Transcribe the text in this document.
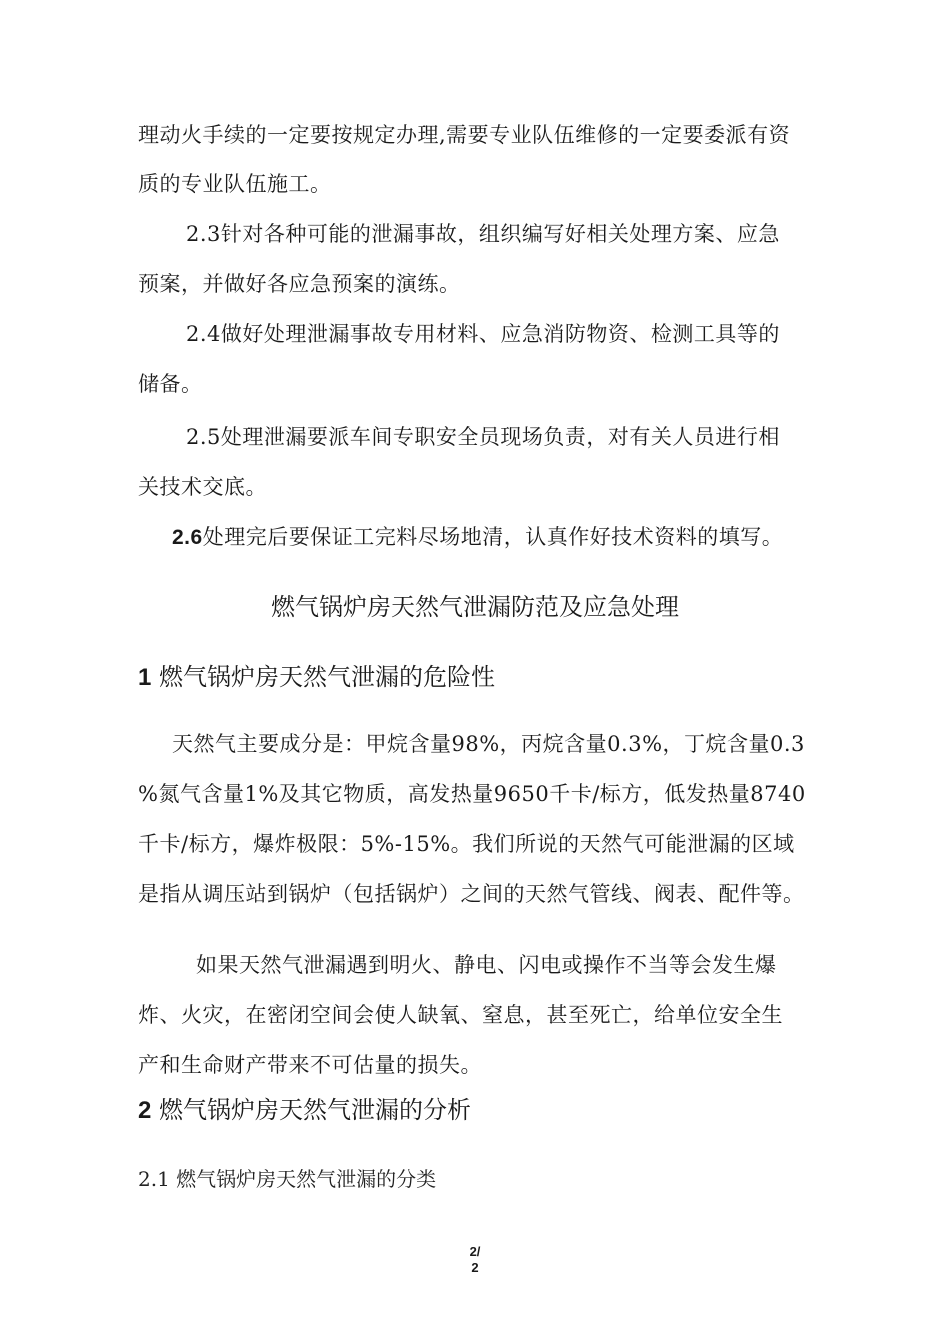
理动火手续的一定要按规定办理,需要专业队伍维修的一定要委派有资
质的专业队伍施工。
2.3针对各种可能的泄漏事故，组织编写好相关处理方案、应急
预案，并做好各应急预案的演练。
2.4做好处理泄漏事故专用材料、应急消防物资、检测工具等的
储备。
2.5处理泄漏要派车间专职安全员现场负责，对有关人员进行相
关技术交底。
2.6处理完后要保证工完料尽场地清，认真作好技术资料的填写。
燃气锅炉房天然气泄漏防范及应急处理
1 燃气锅炉房天然气泄漏的危险性
天然气主要成分是：甲烷含量98%，丙烷含量0.3%，丁烷含量0.3
%氮气含量1%及其它物质，高发热量9650千卡/标方，低发热量8740
千卡/标方，爆炸极限：5%-15%。我们所说的天然气可能泄漏的区域
是指从调压站到锅炉（包括锅炉）之间的天然气管线、阀表、配件等。
如果天然气泄漏遇到明火、静电、闪电或操作不当等会发生爆
炸、火灾，在密闭空间会使人缺氧、窒息，甚至死亡，给单位安全生
产和生命财产带来不可估量的损失。
2 燃气锅炉房天然气泄漏的分析
2.1 燃气锅炉房天然气泄漏的分类
2/
2
